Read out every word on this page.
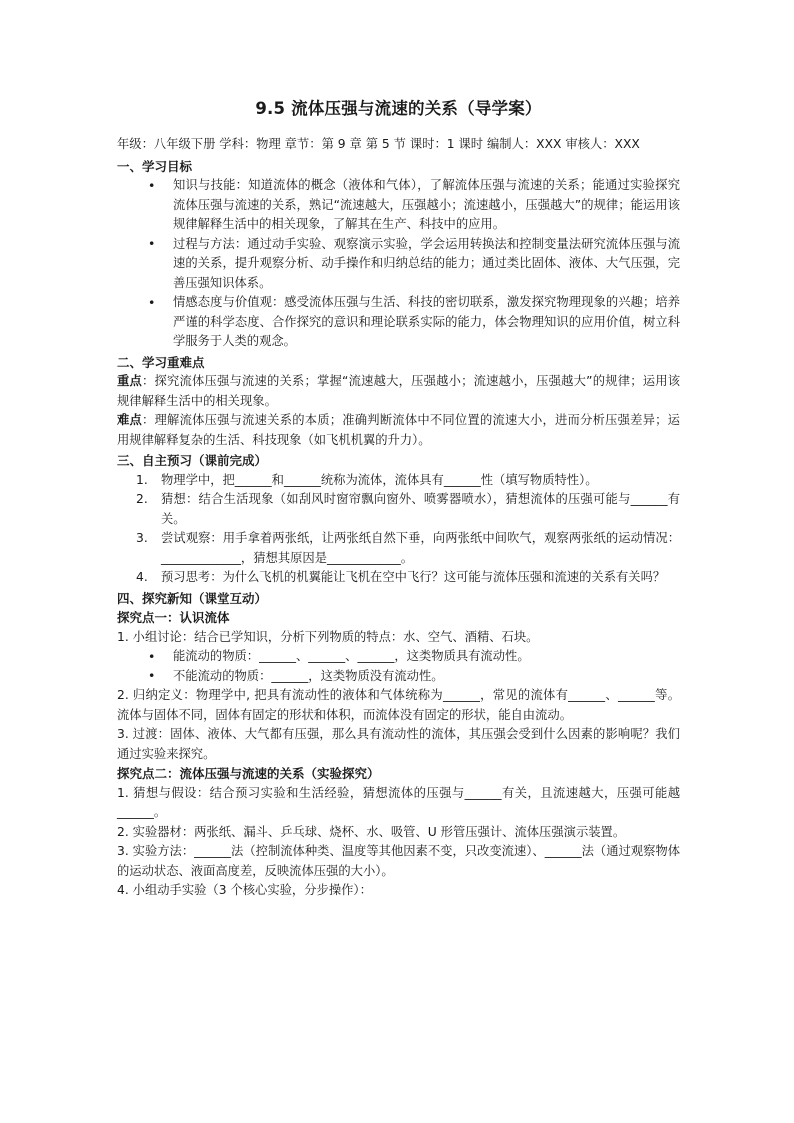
9.5 流体压强与流速的关系（导学案）

年级：八年级下册 学科：物理 章节：第 9 章 第 5 节 课时：1 课时 编制人：XXX 审核人：XXX

一、学习目标
• 知识与技能：知道流体的概念（液体和气体），了解流体压强与流速的关系；能通过实验探究流体压强与流速的关系，熟记“流速越大，压强越小；流速越小，压强越大”的规律；能运用该规律解释生活中的相关现象，了解其在生产、科技中的应用。
• 过程与方法：通过动手实验、观察演示实验，学会运用转换法和控制变量法研究流体压强与流速的关系，提升观察分析、动手操作和归纳总结的能力；通过类比固体、液体、大气压强，完善压强知识体系。
• 情感态度与价值观：感受流体压强与生活、科技的密切联系，激发探究物理现象的兴趣；培养严谨的科学态度、合作探究的意识和理论联系实际的能力，体会物理知识的应用价值，树立科学服务于人类的观念。
二、学习重难点

重点：探究流体压强与流速的关系；掌握“流速越大，压强越小；流速越小，压强越大”的规律；运用该规律解释生活中的相关现象。

难点：理解流体压强与流速关系的本质；准确判断流体中不同位置的流速大小，进而分析压强差异；运用规律解释复杂的生活、科技现象（如飞机机翼的升力）。

三、自主预习（课前完成）
物理学中，把______和______统称为流体，流体具有______性（填写物质特性）。
猜想：结合生活现象（如刮风时窗帘飘向窗外、喷雾器喷水），猜想流体的压强可能与______有关。
尝试观察：用手拿着两张纸，让两张纸自然下垂，向两张纸中间吹气，观察两张纸的运动情况：_____________，猜想其原因是____________。
预习思考：为什么飞机的机翼能让飞机在空中飞行？这可能与流体压强和流速的关系有关吗？
四、探究新知（课堂互动）
探究点一：认识流体

1. 小组讨论：结合已学知识，分析下列物质的特点：水、空气、酒精、石块。

• 能流动的物质：______、______、______，这类物质具有流动性。
• 不能流动的物质：______，这类物质没有流动性。

2. 归纳定义：物理学中, 把具有流动性的液体和气体统称为______，常见的流体有______、______等。流体与固体不同，固体有固定的形状和体积，而流体没有固定的形状，能自由流动。

3. 过渡：固体、液体、大气都有压强，那么具有流动性的流体，其压强会受到什么因素的影响呢？我们通过实验来探究。

探究点二：流体压强与流速的关系（实验探究）

1. 猜想与假设：结合预习实验和生活经验，猜想流体的压强与______有关，且流速越大，压强可能越______。

2. 实验器材：两张纸、漏斗、乒乓球、烧杯、水、吸管、U 形管压强计、流体压强演示装置。

3. 实验方法：______法（控制流体种类、温度等其他因素不变，只改变流速）、______法（通过观察物体的运动状态、液面高度差，反映流体压强的大小）。

4. 小组动手实验（3 个核心实验，分步操作）：
